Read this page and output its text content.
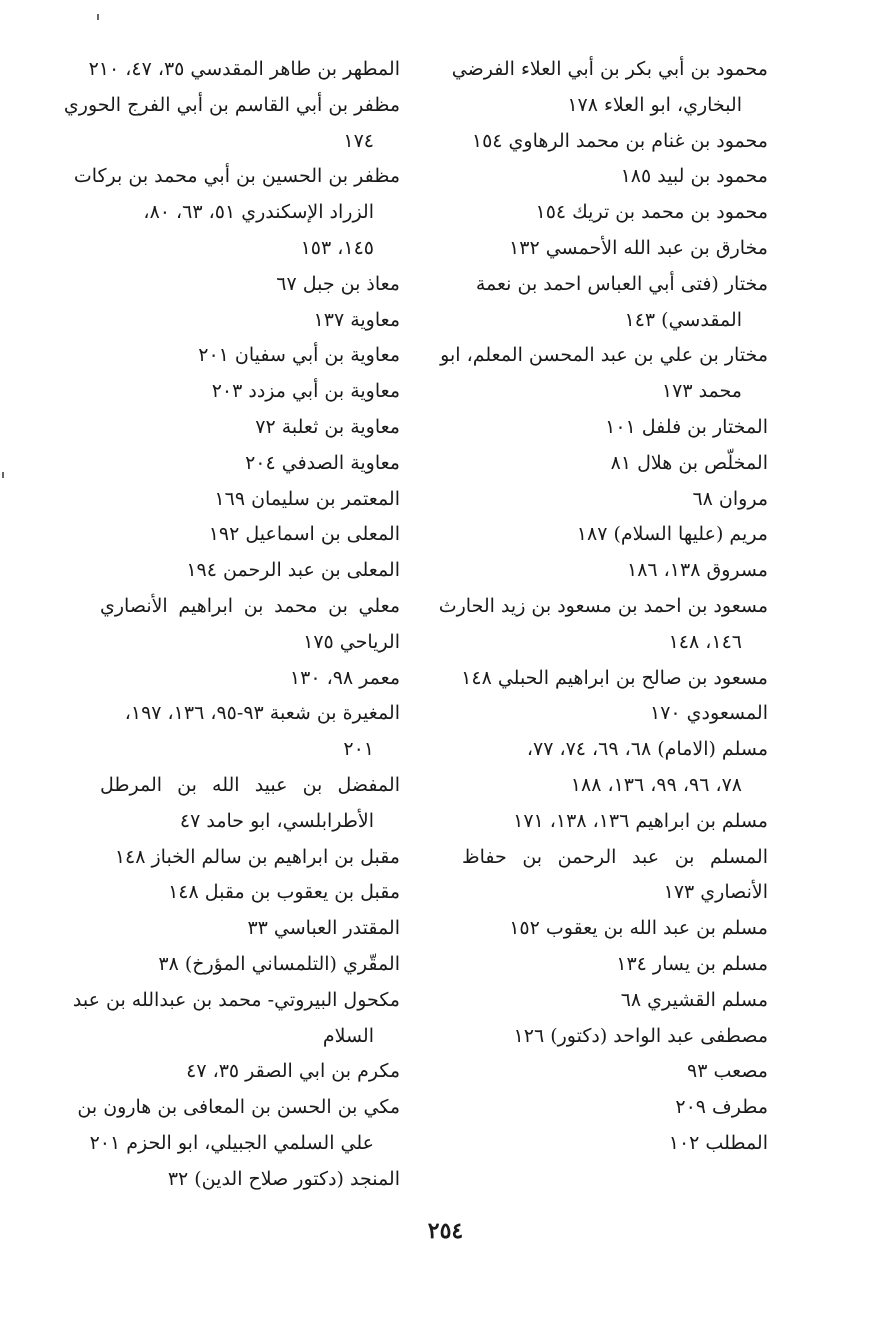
محمود بن أبي بكر بن أبي العلاء الفرضي
البخاري، ابو العلاء ١٧٨
محمود بن غنام بن محمد الرهاوي ١٥٤
محمود بن لبيد ١٨٥
محمود بن محمد بن تريك ١٥٤
مخارق بن عبد الله الأحمسي ١٣٢
مختار (فتى أبي العباس احمد بن نعمة
المقدسي) ١٤٣
مختار بن علي بن عبد المحسن المعلم، ابو
محمد ١٧٣
المختار بن فلفل ١٠١
المخلّص بن هلال ٨١
مروان ٦٨
مريم (عليها السلام) ١٨٧
مسروق ١٣٨، ١٨٦
مسعود بن احمد بن مسعود بن زيد الحارث
١٤٦، ١٤٨
مسعود بن صالح بن ابراهيم الحبلي ١٤٨
المسعودي ١٧٠
مسلم (الامام) ٦٨، ٦٩، ٧٤، ٧٧،
٧٨، ٩٦، ٩٩، ١٣٦، ١٨٨
مسلم بن ابراهيم ١٣٦، ١٣٨، ١٧١
المسلم بن عبد الرحمن بن حفاظ
الأنصاري ١٧٣
مسلم بن عبد الله بن يعقوب ١٥٢
مسلم بن يسار ١٣٤
مسلم القشيري ٦٨
مصطفى عبد الواحد (دكتور) ١٢٦
مصعب ٩٣
مطرف ٢٠٩
المطلب ١٠٢
المطهر بن طاهر المقدسي ٣٥، ٤٧، ٢١٠
مظفر بن أبي القاسم بن أبي الفرج الحوري
١٧٤
مظفر بن الحسين بن أبي محمد بن بركات
الزراد الإسكندري ٥١، ٦٣، ٨٠،
١٤٥، ١٥٣
معاذ بن جبل ٦٧
معاوية ١٣٧
معاوية بن أبي سفيان ٢٠١
معاوية بن أبي مزدد ٢٠٣
معاوية بن ثعلبة ٧٢
معاوية الصدفي ٢٠٤
المعتمر بن سليمان ١٦٩
المعلى بن اسماعيل ١٩٢
المعلى بن عبد الرحمن ١٩٤
معلي بن محمد بن ابراهيم الأنصاري
الرياحي ١٧٥
معمر ٩٨، ١٣٠
المغيرة بن شعبة ٩٣-٩٥، ١٣٦، ١٩٧،
٢٠١
المفضل بن عبيد الله بن المرطل
الأطرابلسي، ابو حامد ٤٧
مقبل بن ابراهيم بن سالم الخباز ١٤٨
مقبل بن يعقوب بن مقبل ١٤٨
المقتدر العباسي ٣٣
المقّري (التلمساني المؤرخ) ٣٨
مكحول البيروتي- محمد بن عبدالله بن عبد
السلام
مكرم بن ابي الصقر ٣٥، ٤٧
مكي بن الحسن بن المعافى بن هارون بن
علي السلمي الجبيلي، ابو الحزم ٢٠١
المنجد (دكتور صلاح الدين) ٣٢
٢٥٤
